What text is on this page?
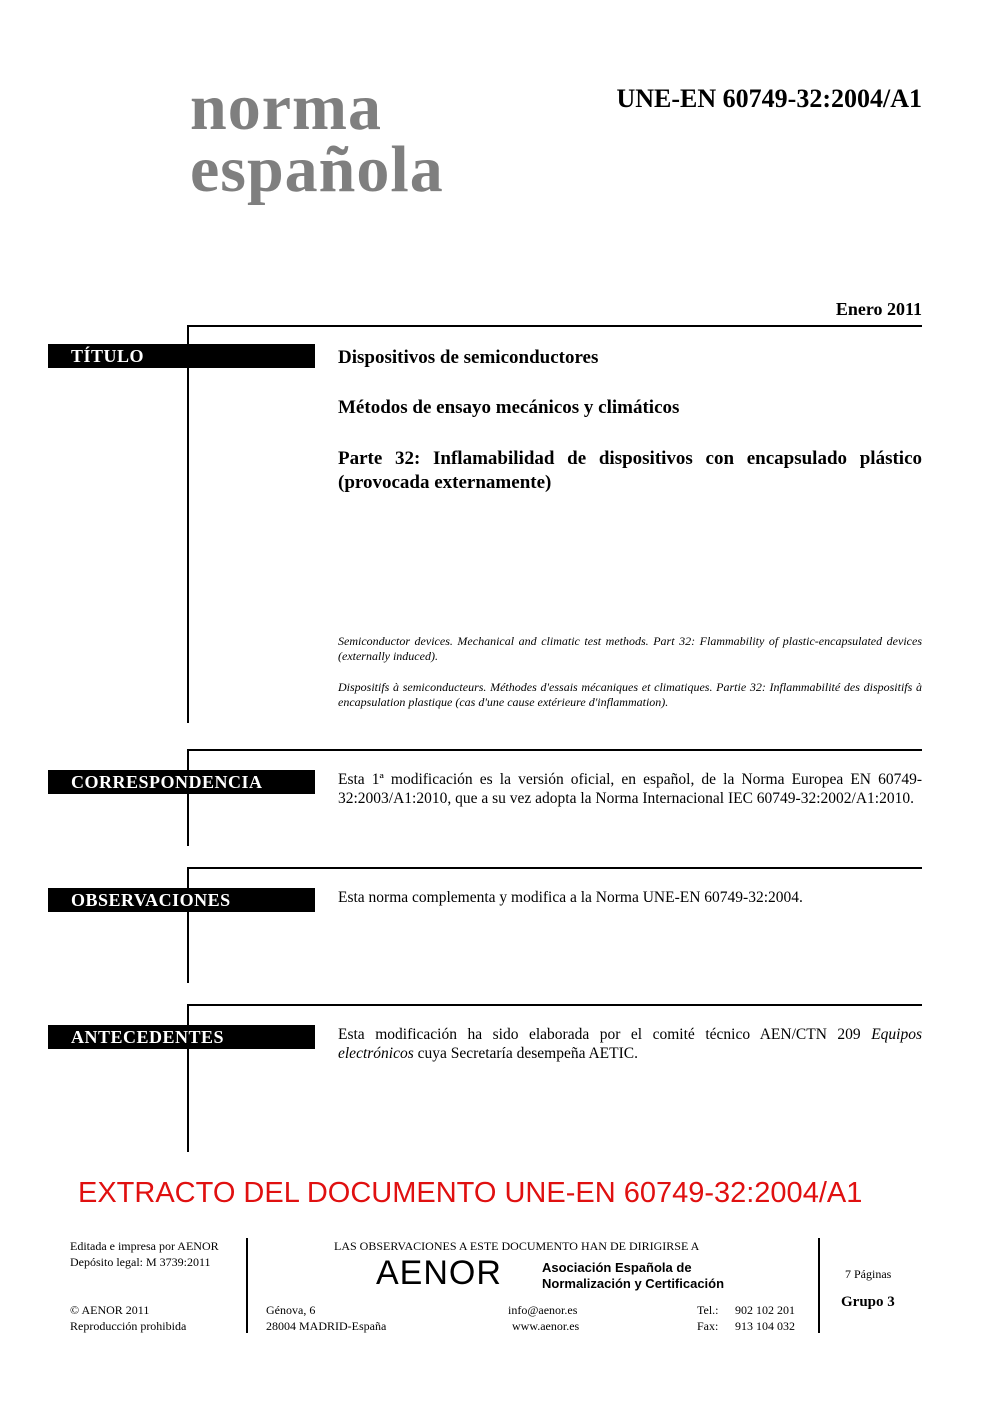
norma
española
UNE-EN 60749-32:2004/A1
Enero 2011
TÍTULO	Dispositivos de semiconductores
Métodos de ensayo mecánicos y climáticos
Parte 32: Inflamabilidad de dispositivos con encapsulado plástico (provocada externamente)
Semiconductor devices. Mechanical and climatic test methods. Part 32: Flammability of plastic-encapsulated devices (externally induced).
Dispositifs à semiconducteurs. Méthodes d'essais mécaniques et climatiques. Partie 32: Inflammabilité des dispositifs à encapsulation plastique (cas d'une cause extérieure d'inflammation).
CORRESPONDENCIA	Esta 1ª modificación es la versión oficial, en español, de la Norma Europea EN 60749-32:2003/A1:2010, que a su vez adopta la Norma Internacional IEC 60749-32:2002/A1:2010.
OBSERVACIONES	Esta norma complementa y modifica a la Norma UNE-EN 60749-32:2004.
ANTECEDENTES	Esta modificación ha sido elaborada por el comité técnico AEN/CTN 209 Equipos electrónicos cuya Secretaría desempeña AETIC.
EXTRACTO DEL DOCUMENTO UNE-EN 60749-32:2004/A1
Editada e impresa por AENOR
Depósito legal: M 3739:2011
© AENOR 2011
Reproducción prohibida
LAS OBSERVACIONES A ESTE DOCUMENTO HAN DE DIRIGIRSE A
AENOR	Asociación Española de
Normalización y Certificación
Génova, 6
28004 MADRID-España
info@aenor.es
www.aenor.es
Tel.: 902 102 201
Fax: 913 104 032
7 Páginas
Grupo 3
